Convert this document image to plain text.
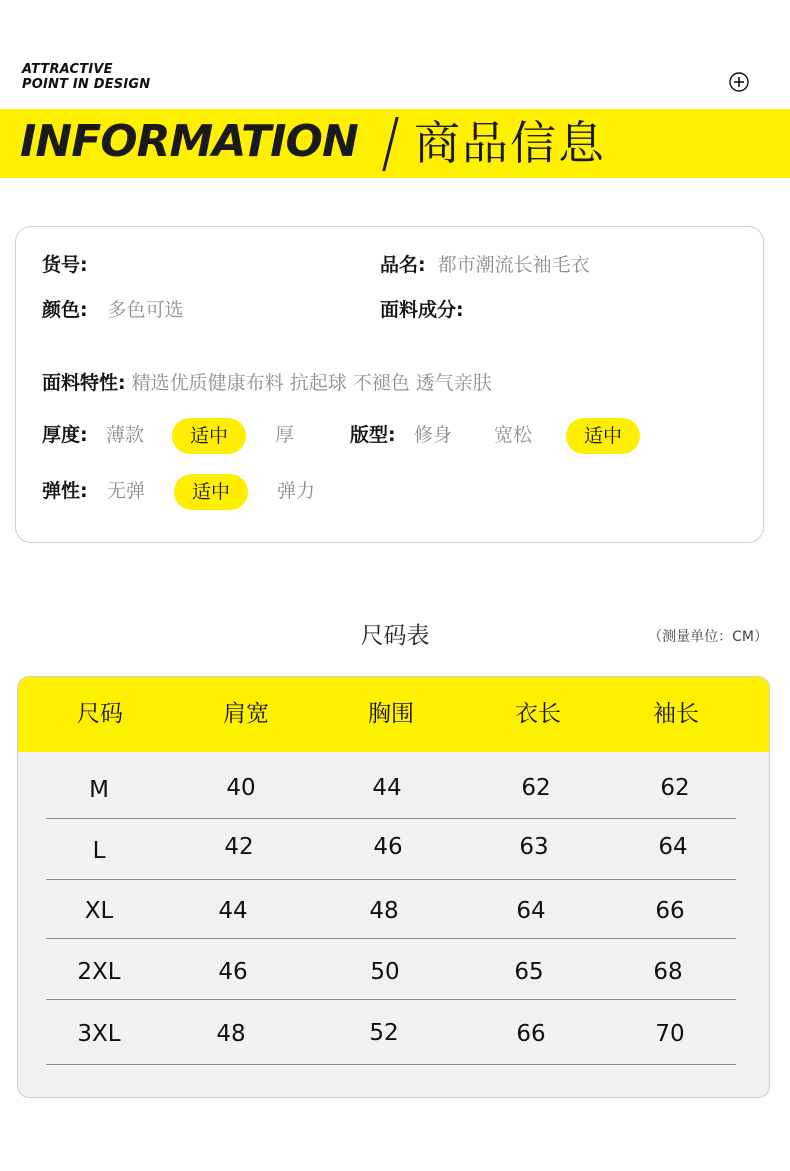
ATTRACTIVE
POINT IN DESIGN
INFORMATION 商品信息
货号:	品名: 都市潮流长袖毛衣
颜色: 多色可选	面料成分:
面料特性: 精选优质健康布料 抗起球 不褪色 透气亲肤
厚度: 薄款	适中	厚	版型: 修身 宽松	适中
弹性: 无弹	适中	弹力
尺码表	（测量单位：CM）
尺码	肩宽	胸围	衣长	袖长
M	40	44	62	62
L	42	46	63	64
XL	44	48	64	66
2XL	46	50	65	68
3XL	48	52	66	70
